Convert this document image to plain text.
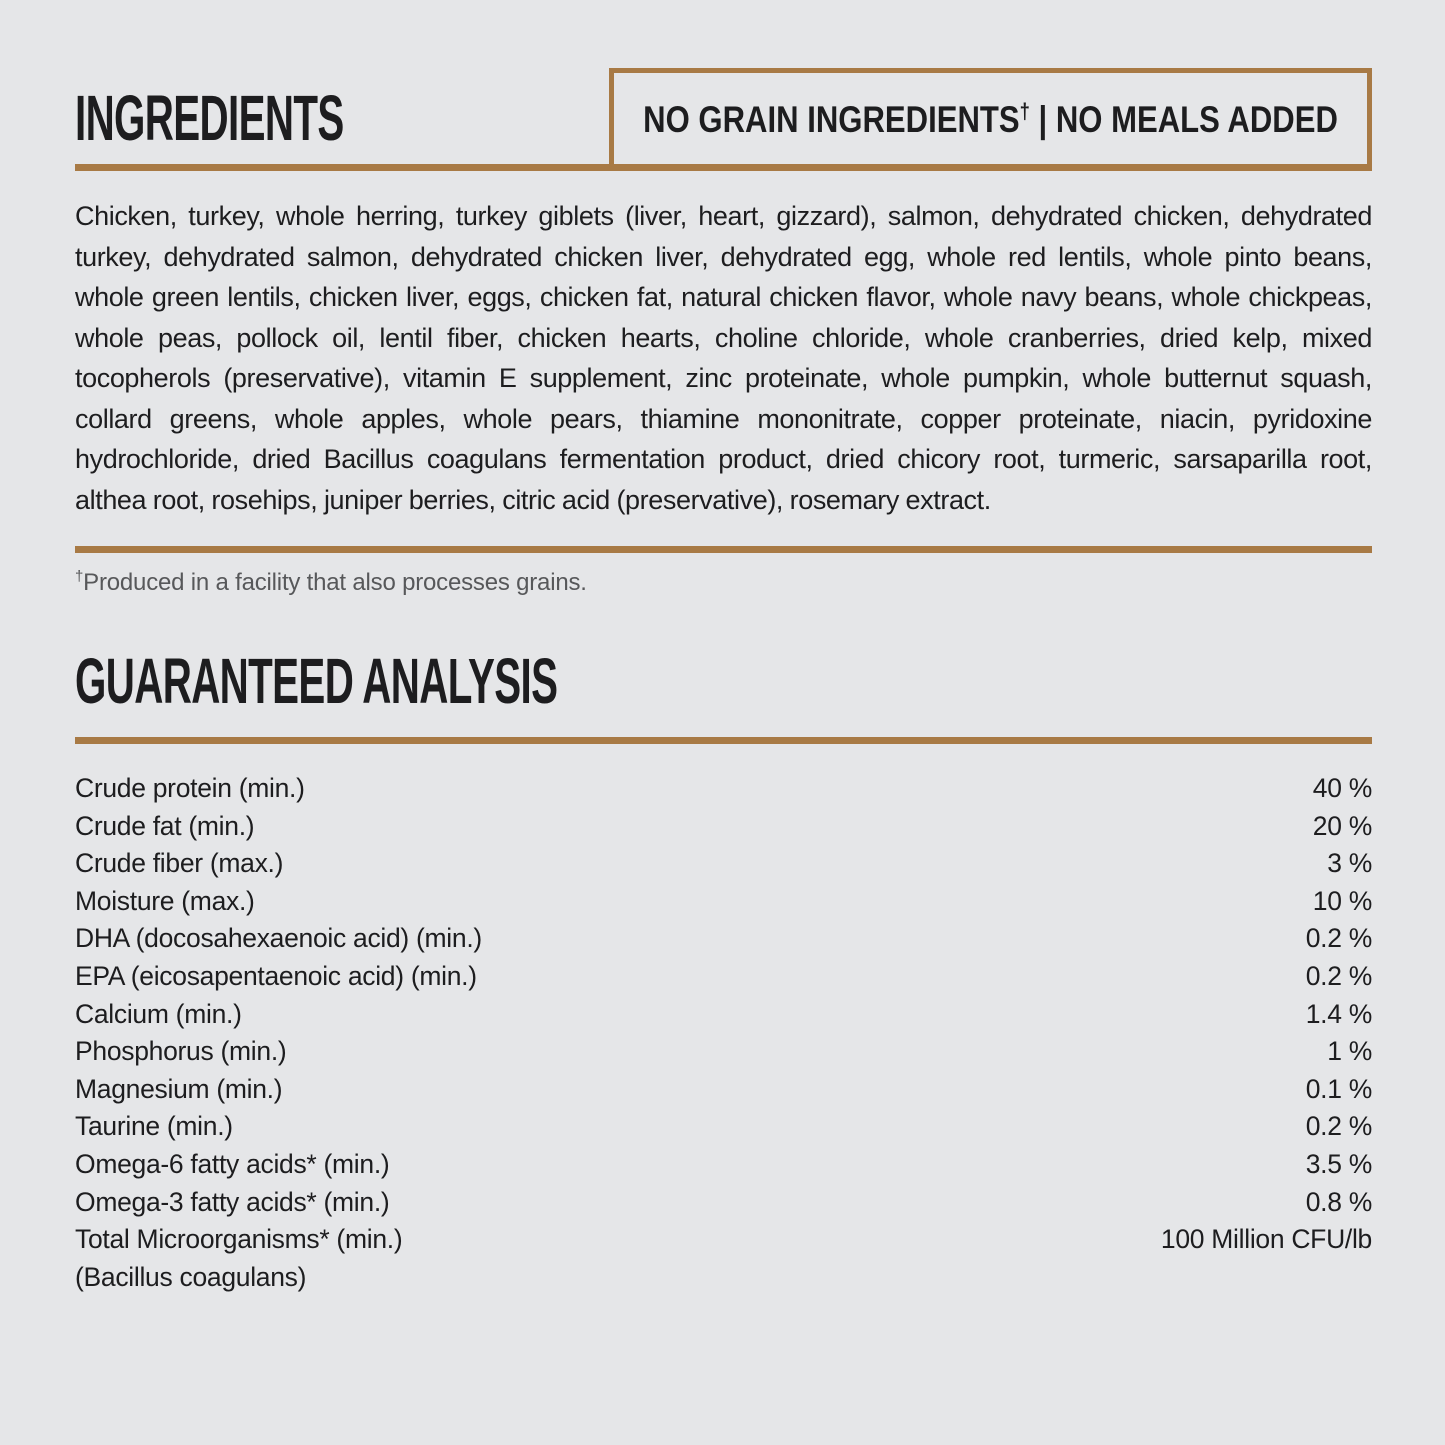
INGREDIENTS	NO GRAIN INGREDIENTS† | NO MEALS ADDED

Chicken, turkey, whole herring, turkey giblets (liver, heart, gizzard), salmon, dehydrated chicken, dehydrated turkey, dehydrated salmon, dehydrated chicken liver, dehydrated egg, whole red lentils, whole pinto beans, whole green lentils, chicken liver, eggs, chicken fat, natural chicken flavor, whole navy beans, whole chickpeas, whole peas, pollock oil, lentil fiber, chicken hearts, choline chloride, whole cranberries, dried kelp, mixed tocopherols (preservative), vitamin E supplement, zinc proteinate, whole pumpkin, whole butternut squash, collard greens, whole apples, whole pears, thiamine mononitrate, copper proteinate, niacin, pyridoxine hydrochloride, dried Bacillus coagulans fermentation product, dried chicory root, turmeric, sarsaparilla root, althea root, rosehips, juniper berries, citric acid (preservative), rosemary extract.

†Produced in a facility that also processes grains.

GUARANTEED ANALYSIS
Crude protein (min.)	40 %
Crude fat (min.)	20 %
Crude fiber (max.)	3 %
Moisture (max.)	10 %
DHA (docosahexaenoic acid) (min.)	0.2 %
EPA (eicosapentaenoic acid) (min.)	0.2 %
Calcium (min.)	1.4 %
Phosphorus (min.)	1 %
Magnesium (min.)	0.1 %
Taurine (min.)	0.2 %
Omega-6 fatty acids* (min.)	3.5 %
Omega-3 fatty acids* (min.)	0.8 %
Total Microorganisms* (min.)	100 Million CFU/lb
(Bacillus coagulans)
